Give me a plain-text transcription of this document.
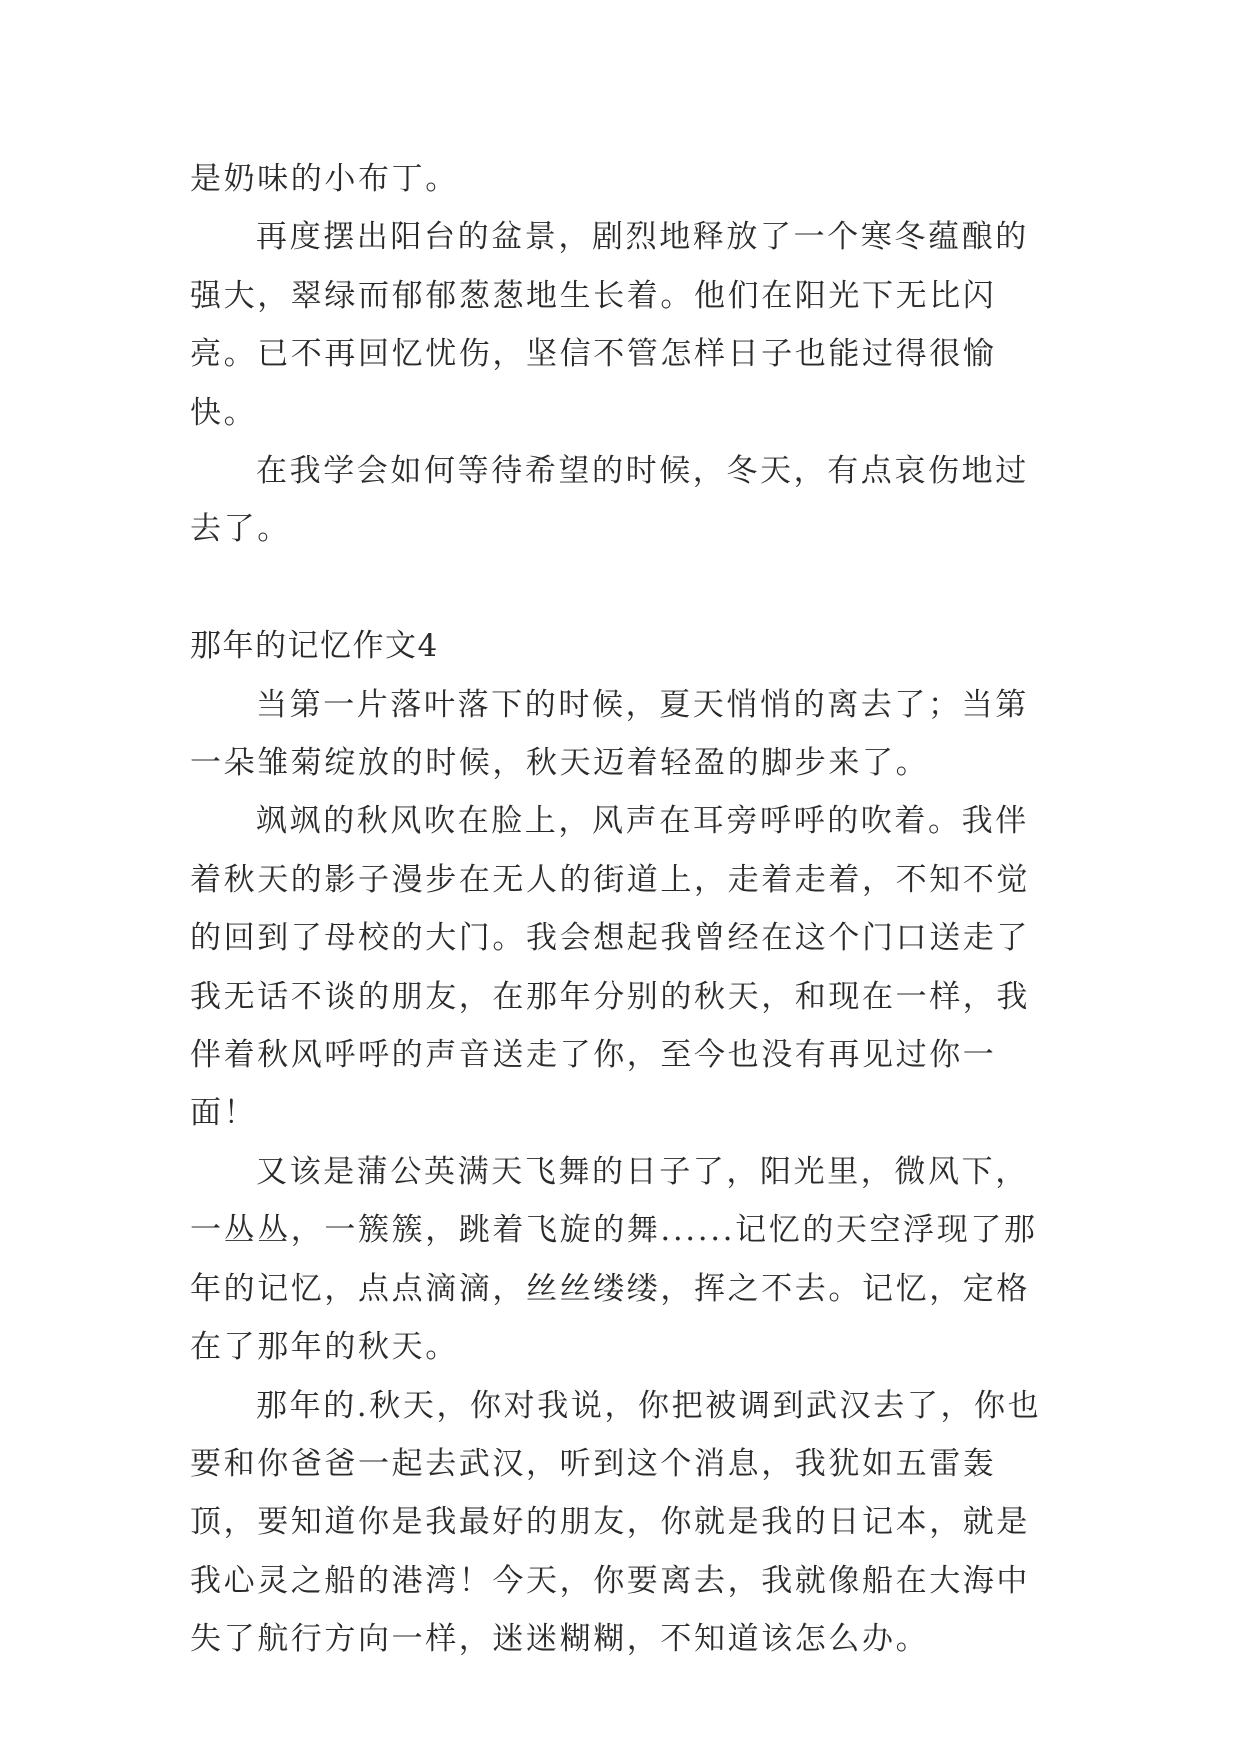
是奶味的小布丁。

再度摆出阳台的盆景，剧烈地释放了一个寒冬蕴酿的强大，翠绿而郁郁葱葱地生长着。他们在阳光下无比闪亮。已不再回忆忧伤，坚信不管怎样日子也能过得很愉快。

在我学会如何等待希望的时候，冬天，有点哀伤地过去了。

那年的记忆作文4

当第一片落叶落下的时候，夏天悄悄的离去了；当第一朵雏菊绽放的时候，秋天迈着轻盈的脚步来了。

飒飒的秋风吹在脸上，风声在耳旁呼呼的吹着。我伴着秋天的影子漫步在无人的街道上，走着走着，不知不觉的回到了母校的大门。我会想起我曾经在这个门口送走了我无话不谈的朋友，在那年分别的秋天，和现在一样，我伴着秋风呼呼的声音送走了你，至今也没有再见过你一面！

又该是蒲公英满天飞舞的日子了，阳光里，微风下，一丛丛，一簇簇，跳着飞旋的舞......记忆的天空浮现了那年的记忆，点点滴滴，丝丝缕缕，挥之不去。记忆，定格在了那年的秋天。

那年的.秋天，你对我说，你把被调到武汉去了，你也要和你爸爸一起去武汉，听到这个消息，我犹如五雷轰顶，要知道你是我最好的朋友，你就是我的日记本，就是我心灵之船的港湾！今天，你要离去，我就像船在大海中失了航行方向一样，迷迷糊糊，不知道该怎么办。
